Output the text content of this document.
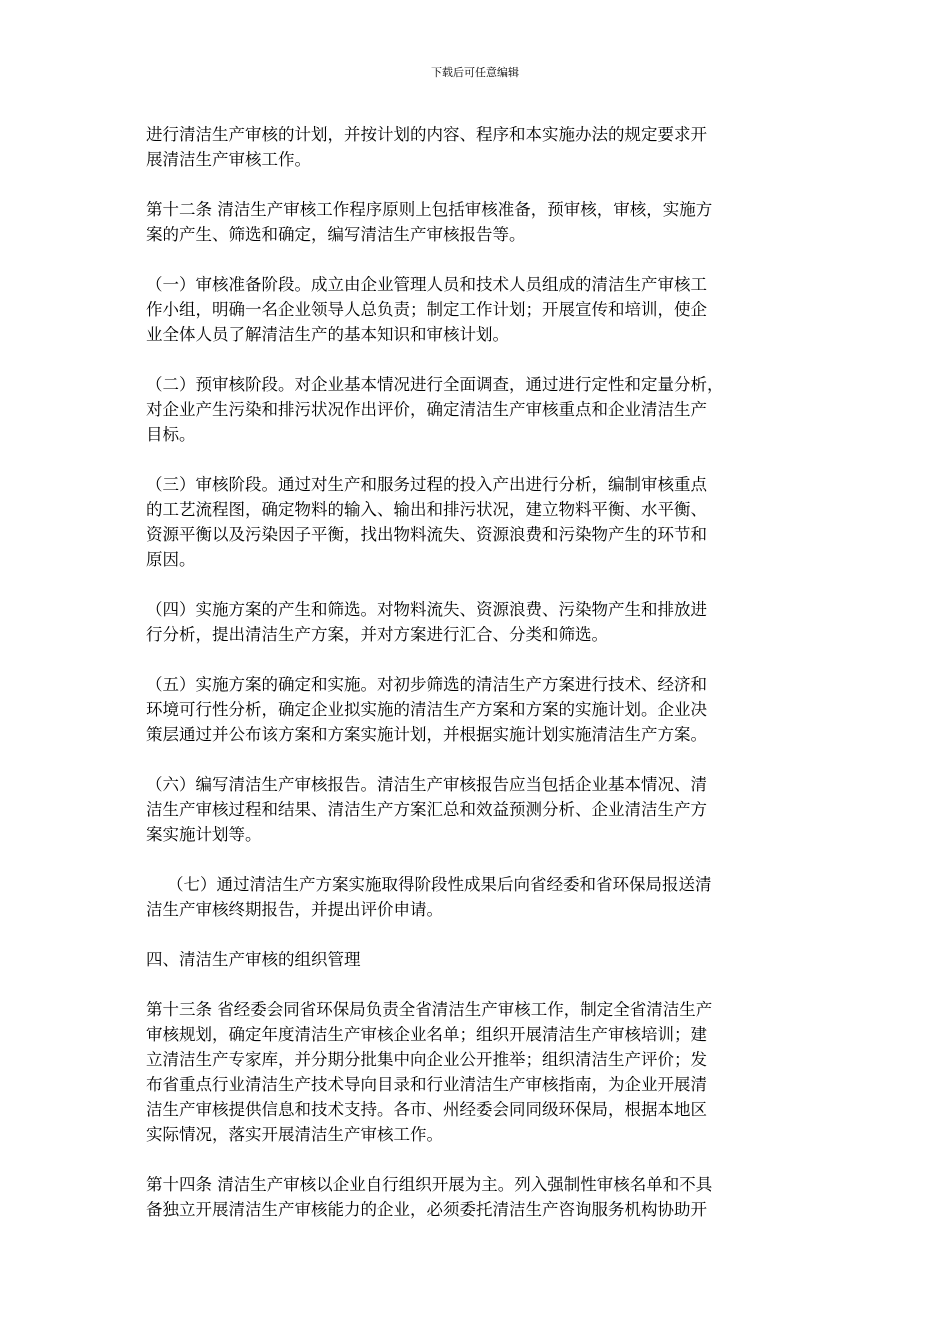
下载后可任意编辑

进行清洁生产审核的计划，并按计划的内容、程序和本实施办法的规定要求开
展清洁生产审核工作。

第十二条 清洁生产审核工作程序原则上包括审核准备，预审核，审核，实施方
案的产生、筛选和确定，编写清洁生产审核报告等。

（一）审核准备阶段。成立由企业管理人员和技术人员组成的清洁生产审核工
作小组，明确一名企业领导人总负责；制定工作计划；开展宣传和培训，使企
业全体人员了解清洁生产的基本知识和审核计划。

（二）预审核阶段。对企业基本情况进行全面调查，通过进行定性和定量分析，
对企业产生污染和排污状况作出评价，确定清洁生产审核重点和企业清洁生产
目标。

（三）审核阶段。通过对生产和服务过程的投入产出进行分析，编制审核重点
的工艺流程图，确定物料的输入、输出和排污状况，建立物料平衡、水平衡、
资源平衡以及污染因子平衡，找出物料流失、资源浪费和污染物产生的环节和
原因。

（四）实施方案的产生和筛选。对物料流失、资源浪费、污染物产生和排放进
行分析，提出清洁生产方案，并对方案进行汇合、分类和筛选。

（五）实施方案的确定和实施。对初步筛选的清洁生产方案进行技术、经济和
环境可行性分析，确定企业拟实施的清洁生产方案和方案的实施计划。企业决
策层通过并公布该方案和方案实施计划，并根据实施计划实施清洁生产方案。

（六）编写清洁生产审核报告。清洁生产审核报告应当包括企业基本情况、清
洁生产审核过程和结果、清洁生产方案汇总和效益预测分析、企业清洁生产方
案实施计划等。

（七）通过清洁生产方案实施取得阶段性成果后向省经委和省环保局报送清
洁生产审核终期报告，并提出评价申请。

四、清洁生产审核的组织管理

第十三条 省经委会同省环保局负责全省清洁生产审核工作，制定全省清洁生产
审核规划，确定年度清洁生产审核企业名单；组织开展清洁生产审核培训；建
立清洁生产专家库，并分期分批集中向企业公开推举；组织清洁生产评价；发
布省重点行业清洁生产技术导向目录和行业清洁生产审核指南，为企业开展清
洁生产审核提供信息和技术支持。各市、州经委会同同级环保局，根据本地区
实际情况，落实开展清洁生产审核工作。

第十四条 清洁生产审核以企业自行组织开展为主。列入强制性审核名单和不具
备独立开展清洁生产审核能力的企业，必须委托清洁生产咨询服务机构协助开
